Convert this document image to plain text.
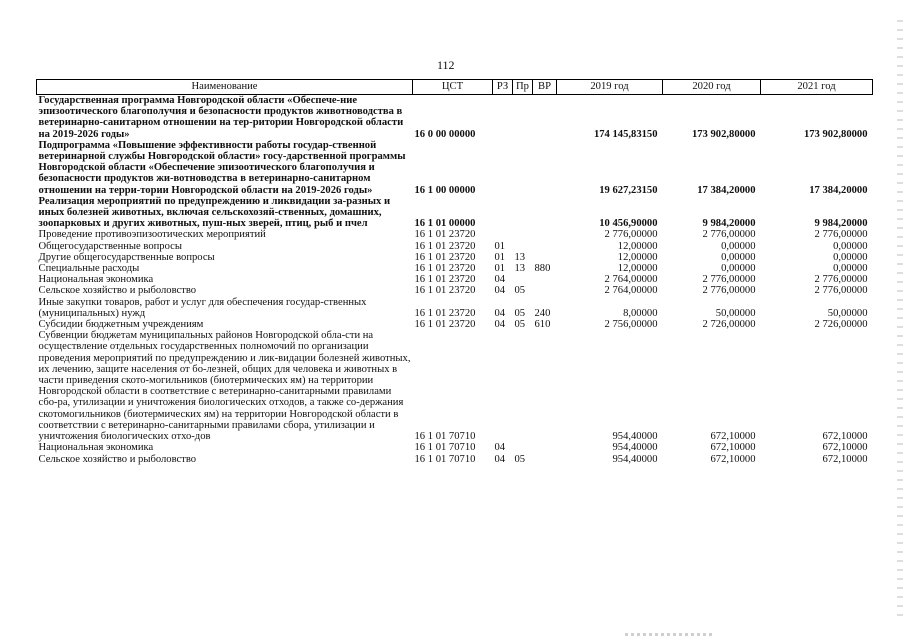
112
Наименование	ЦСТ	РЗ	Пр	ВР	2019 год	2020 год	2021 год
Государственная программа Новгородской области «Обеспече-ние эпизоотического благополучия и безопасности продуктов животноводства в ветеринарно-санитарном отношении на тер-ритории Новгородской области на 2019-2026 годы»	16 0 00 00000				174 145,83150	173 902,80000	173 902,80000
Подпрограмма «Повышение эффективности работы государ-ственной ветеринарной службы Новгородской области» госу-дарственной программы Новгородской области «Обеспечение эпизоотического благополучия и безопасности продуктов жи-вотноводства в ветеринарно-санитарном отношении на терри-тории Новгородской области на 2019-2026 годы»	16 1 00 00000				19 627,23150	17 384,20000	17 384,20000
Реализация мероприятий по предупреждению и ликвидации за-разных и иных болезней животных, включая сельскохозяй-ственных, домашних, зоопарковых и других животных, пуш-ных зверей, птиц, рыб и пчел	16 1 01 00000				10 456,90000	9 984,20000	9 984,20000
Проведение противоэпизоотических мероприятий	16 1 01 23720				2 776,00000	2 776,00000	2 776,00000
Общегосударственные вопросы	16 1 01 23720	01			12,00000	0,00000	0,00000
Другие общегосударственные вопросы	16 1 01 23720	01	13		12,00000	0,00000	0,00000
Специальные расходы	16 1 01 23720	01	13	880	12,00000	0,00000	0,00000
Национальная экономика	16 1 01 23720	04			2 764,00000	2 776,00000	2 776,00000
Сельское хозяйство и рыболовство	16 1 01 23720	04	05		2 764,00000	2 776,00000	2 776,00000
Иные закупки товаров, работ и услуг для обеспечения государ-ственных (муниципальных) нужд	16 1 01 23720	04	05	240	8,00000	50,00000	50,00000
Субсидии бюджетным учреждениям	16 1 01 23720	04	05	610	2 756,00000	2 726,00000	2 726,00000
Субвенции бюджетам муниципальных районов Новгородской обла-сти на осуществление отдельных государственных полномочий по организации проведения мероприятий по предупреждению и лик-видации болезней животных, их лечению, защите населения от бо-лезней, общих для человека и животных в части приведения ското-могильников (биотермических ям) на территории Новгородской области в соответствие с ветеринарно-санитарными правилами сбо-ра, утилизации и уничтожения биологических отходов, а также со-держания скотомогильников (биотермических ям) на территории Новгородской области в соответствии с ветеринарно-санитарными правилами сбора, утилизации и уничтожения биологических отхо-дов	16 1 01 70710				954,40000	672,10000	672,10000
Национальная экономика	16 1 01 70710	04			954,40000	672,10000	672,10000
Сельское хозяйство и рыболовство	16 1 01 70710	04	05		954,40000	672,10000	672,10000
